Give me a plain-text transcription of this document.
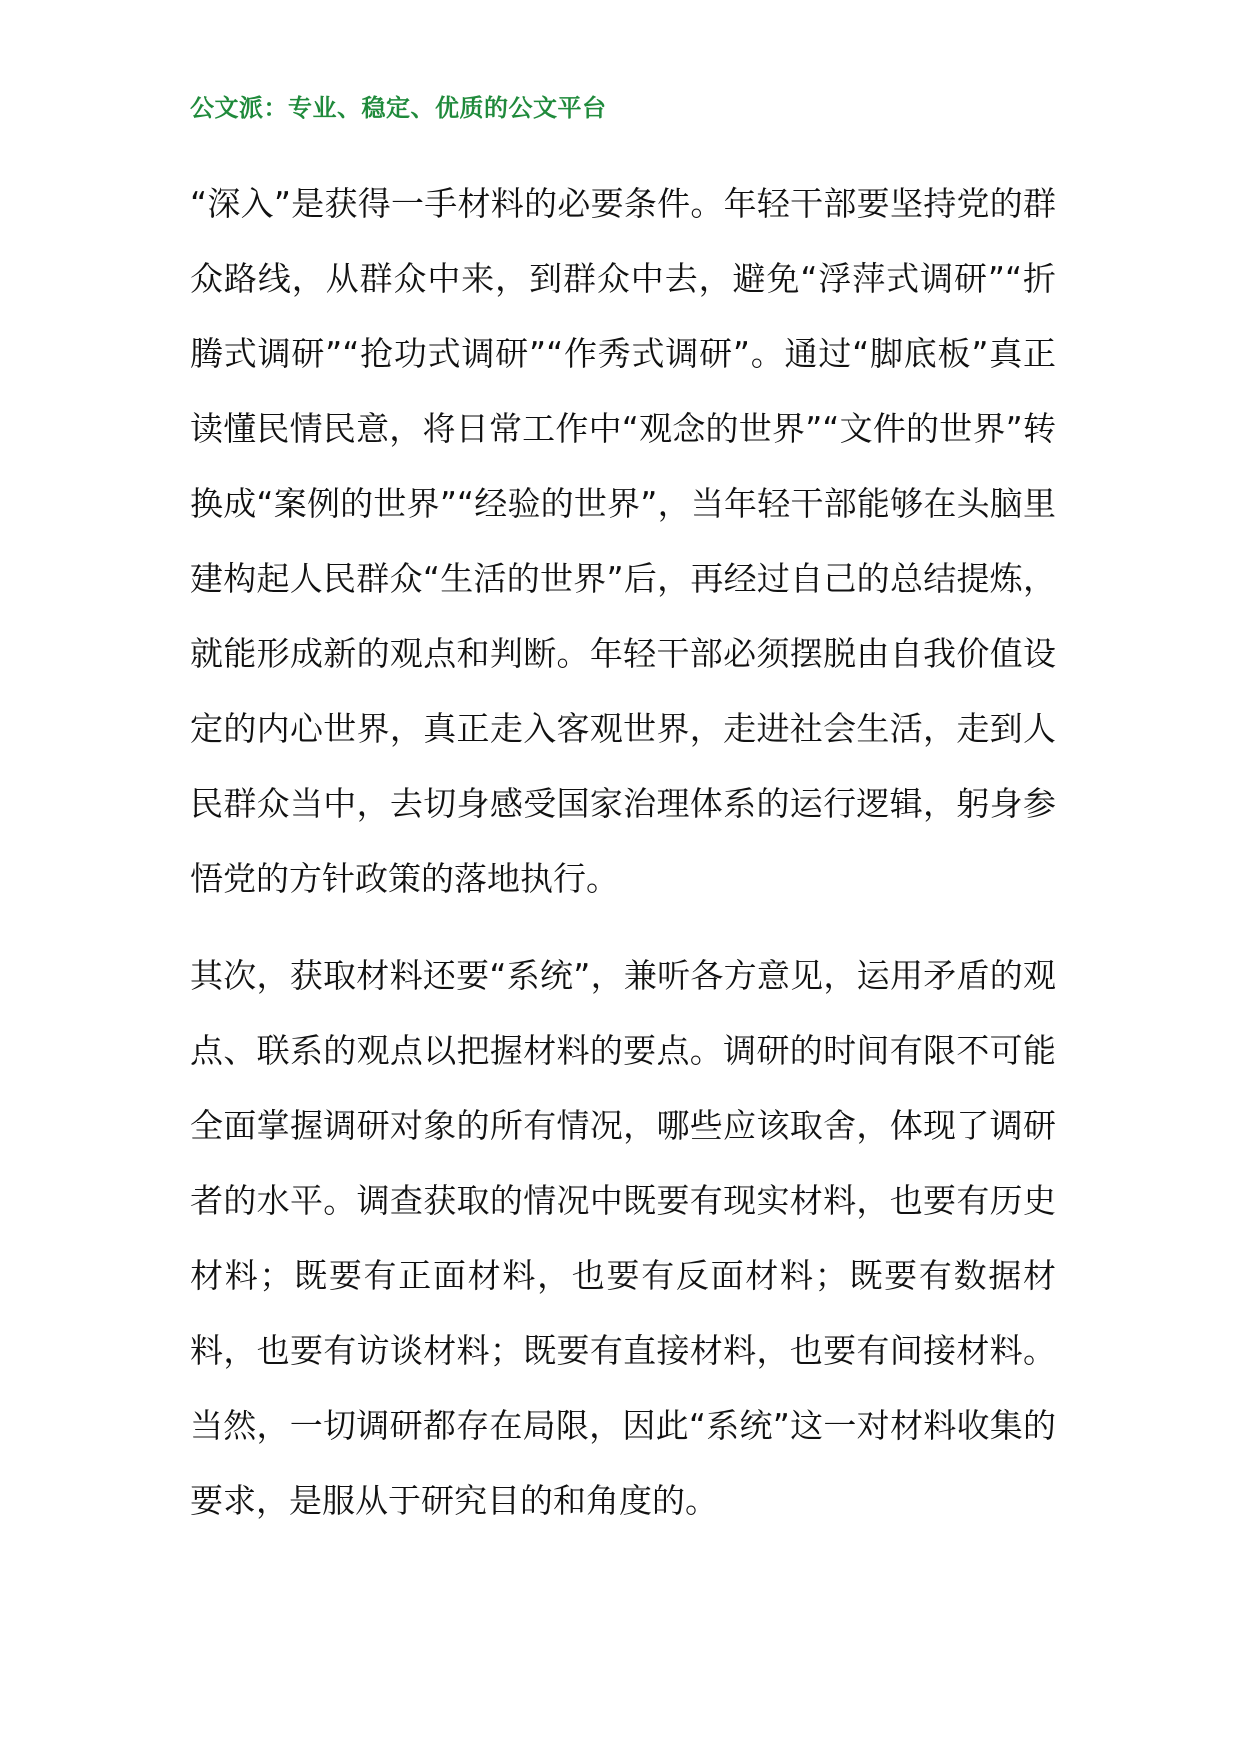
公文派：专业、稳定、优质的公文平台

“深入”是获得一手材料的必要条件。年轻干部要坚持党的群众路线，从群众中来，到群众中去，避免“浮萍式调研”“折腾式调研”“抢功式调研”“作秀式调研”。通过“脚底板”真正读懂民情民意，将日常工作中“观念的世界”“文件的世界”转换成“案例的世界”“经验的世界”，当年轻干部能够在头脑里建构起人民群众“生活的世界”后，再经过自己的总结提炼，就能形成新的观点和判断。年轻干部必须摆脱由自我价值设定的内心世界，真正走入客观世界，走进社会生活，走到人民群众当中，去切身感受国家治理体系的运行逻辑，躬身参悟党的方针政策的落地执行。

其次，获取材料还要“系统”，兼听各方意见，运用矛盾的观点、联系的观点以把握材料的要点。调研的时间有限不可能全面掌握调研对象的所有情况，哪些应该取舍，体现了调研者的水平。调查获取的情况中既要有现实材料，也要有历史材料；既要有正面材料，也要有反面材料；既要有数据材料，也要有访谈材料；既要有直接材料，也要有间接材料。当然，一切调研都存在局限，因此“系统”这一对材料收集的要求，是服从于研究目的和角度的。
